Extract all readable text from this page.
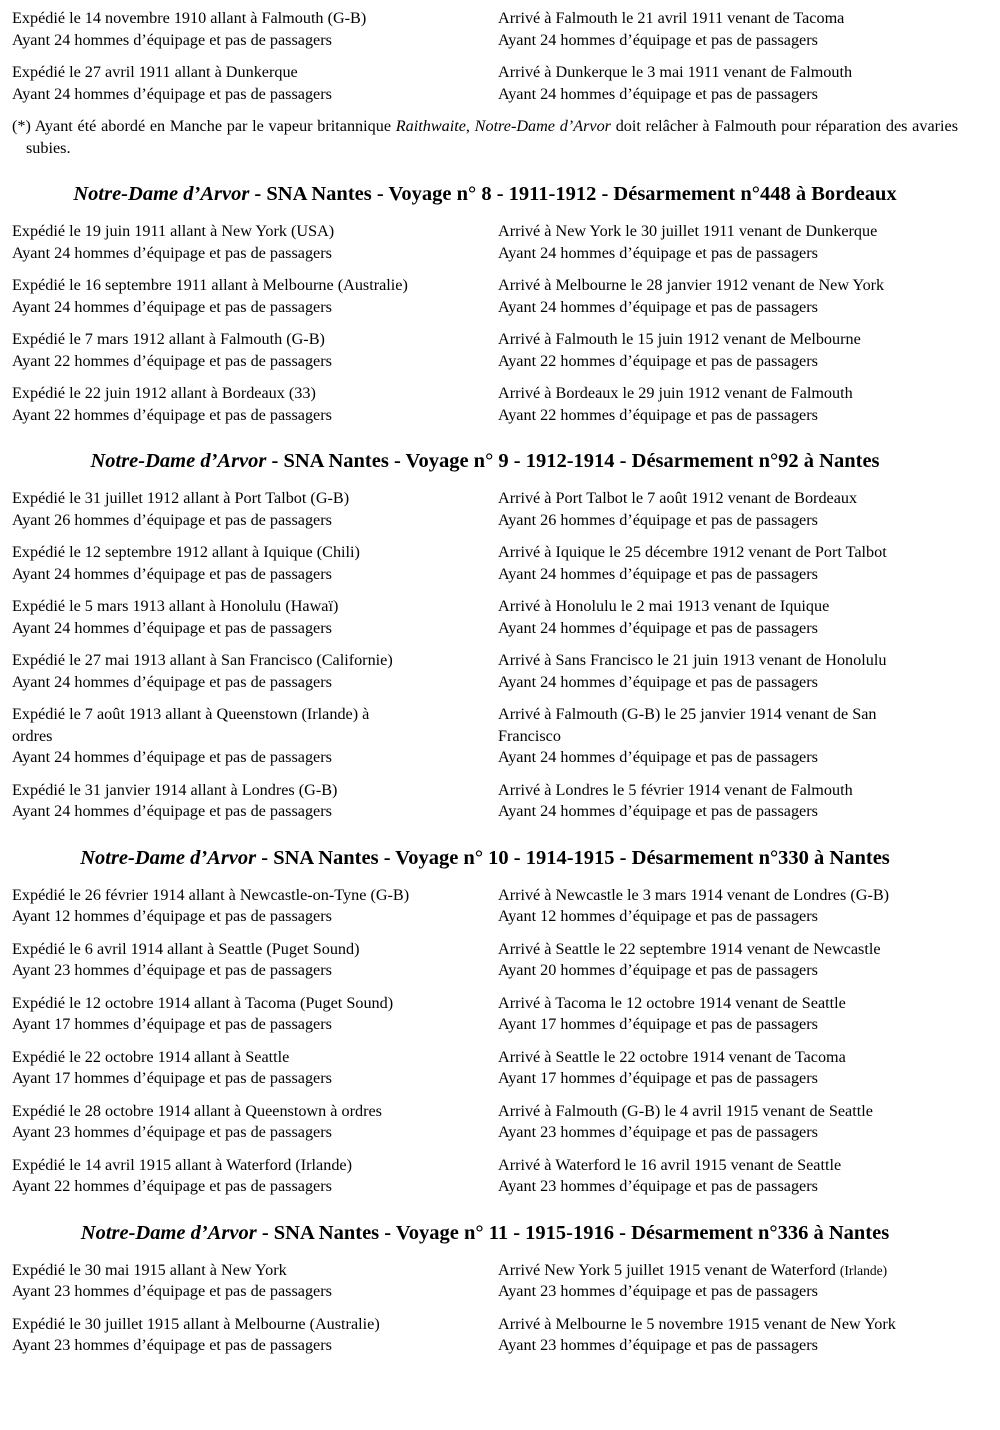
Expédié le 14 novembre 1910 allant à Falmouth (G-B)
Ayant 24 hommes d’équipage et pas de passagers
Arrivé à Falmouth le 21 avril 1911 venant de Tacoma
Ayant 24 hommes d’équipage et pas de passagers
Expédié le 27 avril 1911 allant à Dunkerque
Ayant 24 hommes d’équipage et pas de passagers
Arrivé à Dunkerque le 3 mai 1911 venant de Falmouth
Ayant 24 hommes d’équipage et pas de passagers

(*) Ayant été abordé en Manche par le vapeur britannique Raithwaite, Notre-Dame d’Arvor doit relâcher à Falmouth pour réparation des avaries subies.

Notre-Dame d’Arvor - SNA Nantes - Voyage n° 8 - 1911-1912 - Désarmement n°448 à Bordeaux
Expédié le 19 juin 1911 allant à New York (USA)
Ayant 24 hommes d’équipage et pas de passagers
Arrivé à New York le 30 juillet 1911 venant de Dunkerque
Ayant 24 hommes d’équipage et pas de passagers
Expédié le 16 septembre 1911 allant à Melbourne (Australie)
Ayant 24 hommes d’équipage et pas de passagers
Arrivé à Melbourne le 28 janvier 1912 venant de New York
Ayant 24 hommes d’équipage et pas de passagers
Expédié le 7 mars 1912 allant à Falmouth (G-B)
Ayant 22 hommes d’équipage et pas de passagers
Arrivé à Falmouth le 15 juin 1912 venant de Melbourne
Ayant 22 hommes d’équipage et pas de passagers
Expédié le 22 juin 1912 allant à Bordeaux (33)
Ayant 22 hommes d’équipage et pas de passagers
Arrivé à Bordeaux le 29 juin 1912 venant de Falmouth
Ayant 22 hommes d’équipage et pas de passagers
Notre-Dame d’Arvor - SNA Nantes - Voyage n° 9 - 1912-1914 - Désarmement n°92 à Nantes
Expédié le 31 juillet 1912 allant à Port Talbot (G-B)
Ayant 26 hommes d’équipage et pas de passagers
Arrivé à Port Talbot le 7 août 1912 venant de Bordeaux
Ayant 26 hommes d’équipage et pas de passagers
Expédié le 12 septembre 1912 allant à Iquique (Chili)
Ayant 24 hommes d’équipage et pas de passagers
Arrivé à Iquique le 25 décembre 1912 venant de Port Talbot
Ayant 24 hommes d’équipage et pas de passagers
Expédié le 5 mars 1913 allant à Honolulu (Hawaï)
Ayant 24 hommes d’équipage et pas de passagers
Arrivé à Honolulu le 2 mai 1913 venant de Iquique
Ayant 24 hommes d’équipage et pas de passagers
Expédié le 27 mai 1913 allant à San Francisco (Californie)
Ayant 24 hommes d’équipage et pas de passagers
Arrivé à Sans Francisco le 21 juin 1913 venant de Honolulu
Ayant 24 hommes d’équipage et pas de passagers
Expédié le 7 août 1913 allant à Queenstown (Irlande) à
ordres
Ayant 24 hommes d’équipage et pas de passagers
Arrivé à Falmouth (G-B) le 25 janvier 1914 venant de San
Francisco
Ayant 24 hommes d’équipage et pas de passagers
Expédié le 31 janvier 1914 allant à Londres (G-B)
Ayant 24 hommes d’équipage et pas de passagers
Arrivé à Londres le 5 février 1914 venant de Falmouth
Ayant 24 hommes d’équipage et pas de passagers
Notre-Dame d’Arvor - SNA Nantes - Voyage n° 10 - 1914-1915 - Désarmement n°330 à Nantes
Expédié le 26 février 1914 allant à Newcastle-on-Tyne (G-B)
Ayant 12 hommes d’équipage et pas de passagers
Arrivé à Newcastle le 3 mars 1914 venant de Londres (G-B)
Ayant 12 hommes d’équipage et pas de passagers
Expédié le 6 avril 1914 allant à Seattle (Puget Sound)
Ayant 23 hommes d’équipage et pas de passagers
Arrivé à Seattle le 22 septembre 1914 venant de Newcastle
Ayant 20 hommes d’équipage et pas de passagers
Expédié le 12 octobre 1914 allant à Tacoma (Puget Sound)
Ayant 17 hommes d’équipage et pas de passagers
Arrivé à Tacoma le 12 octobre 1914 venant de Seattle
Ayant 17 hommes d’équipage et pas de passagers
Expédié le 22 octobre 1914 allant à Seattle
Ayant 17 hommes d’équipage et pas de passagers
Arrivé à Seattle le 22 octobre 1914 venant de Tacoma
Ayant 17 hommes d’équipage et pas de passagers
Expédié le 28 octobre 1914 allant à Queenstown à ordres
Ayant 23 hommes d’équipage et pas de passagers
Arrivé à Falmouth (G-B) le 4 avril 1915 venant de Seattle
Ayant 23 hommes d’équipage et pas de passagers
Expédié le 14 avril 1915 allant à Waterford (Irlande)
Ayant 22 hommes d’équipage et pas de passagers
Arrivé à Waterford le 16 avril 1915 venant de Seattle
Ayant 23 hommes d’équipage et pas de passagers
Notre-Dame d’Arvor - SNA Nantes - Voyage n° 11 - 1915-1916 - Désarmement n°336 à Nantes
Expédié le 30 mai 1915 allant à New York
Ayant 23 hommes d’équipage et pas de passagers
Arrivé New York 5 juillet 1915 venant de Waterford (Irlande)
Ayant 23 hommes d’équipage et pas de passagers
Expédié le 30 juillet 1915 allant à Melbourne (Australie)
Ayant 23 hommes d’équipage et pas de passagers
Arrivé à Melbourne le 5 novembre 1915 venant de New York
Ayant 23 hommes d’équipage et pas de passagers
